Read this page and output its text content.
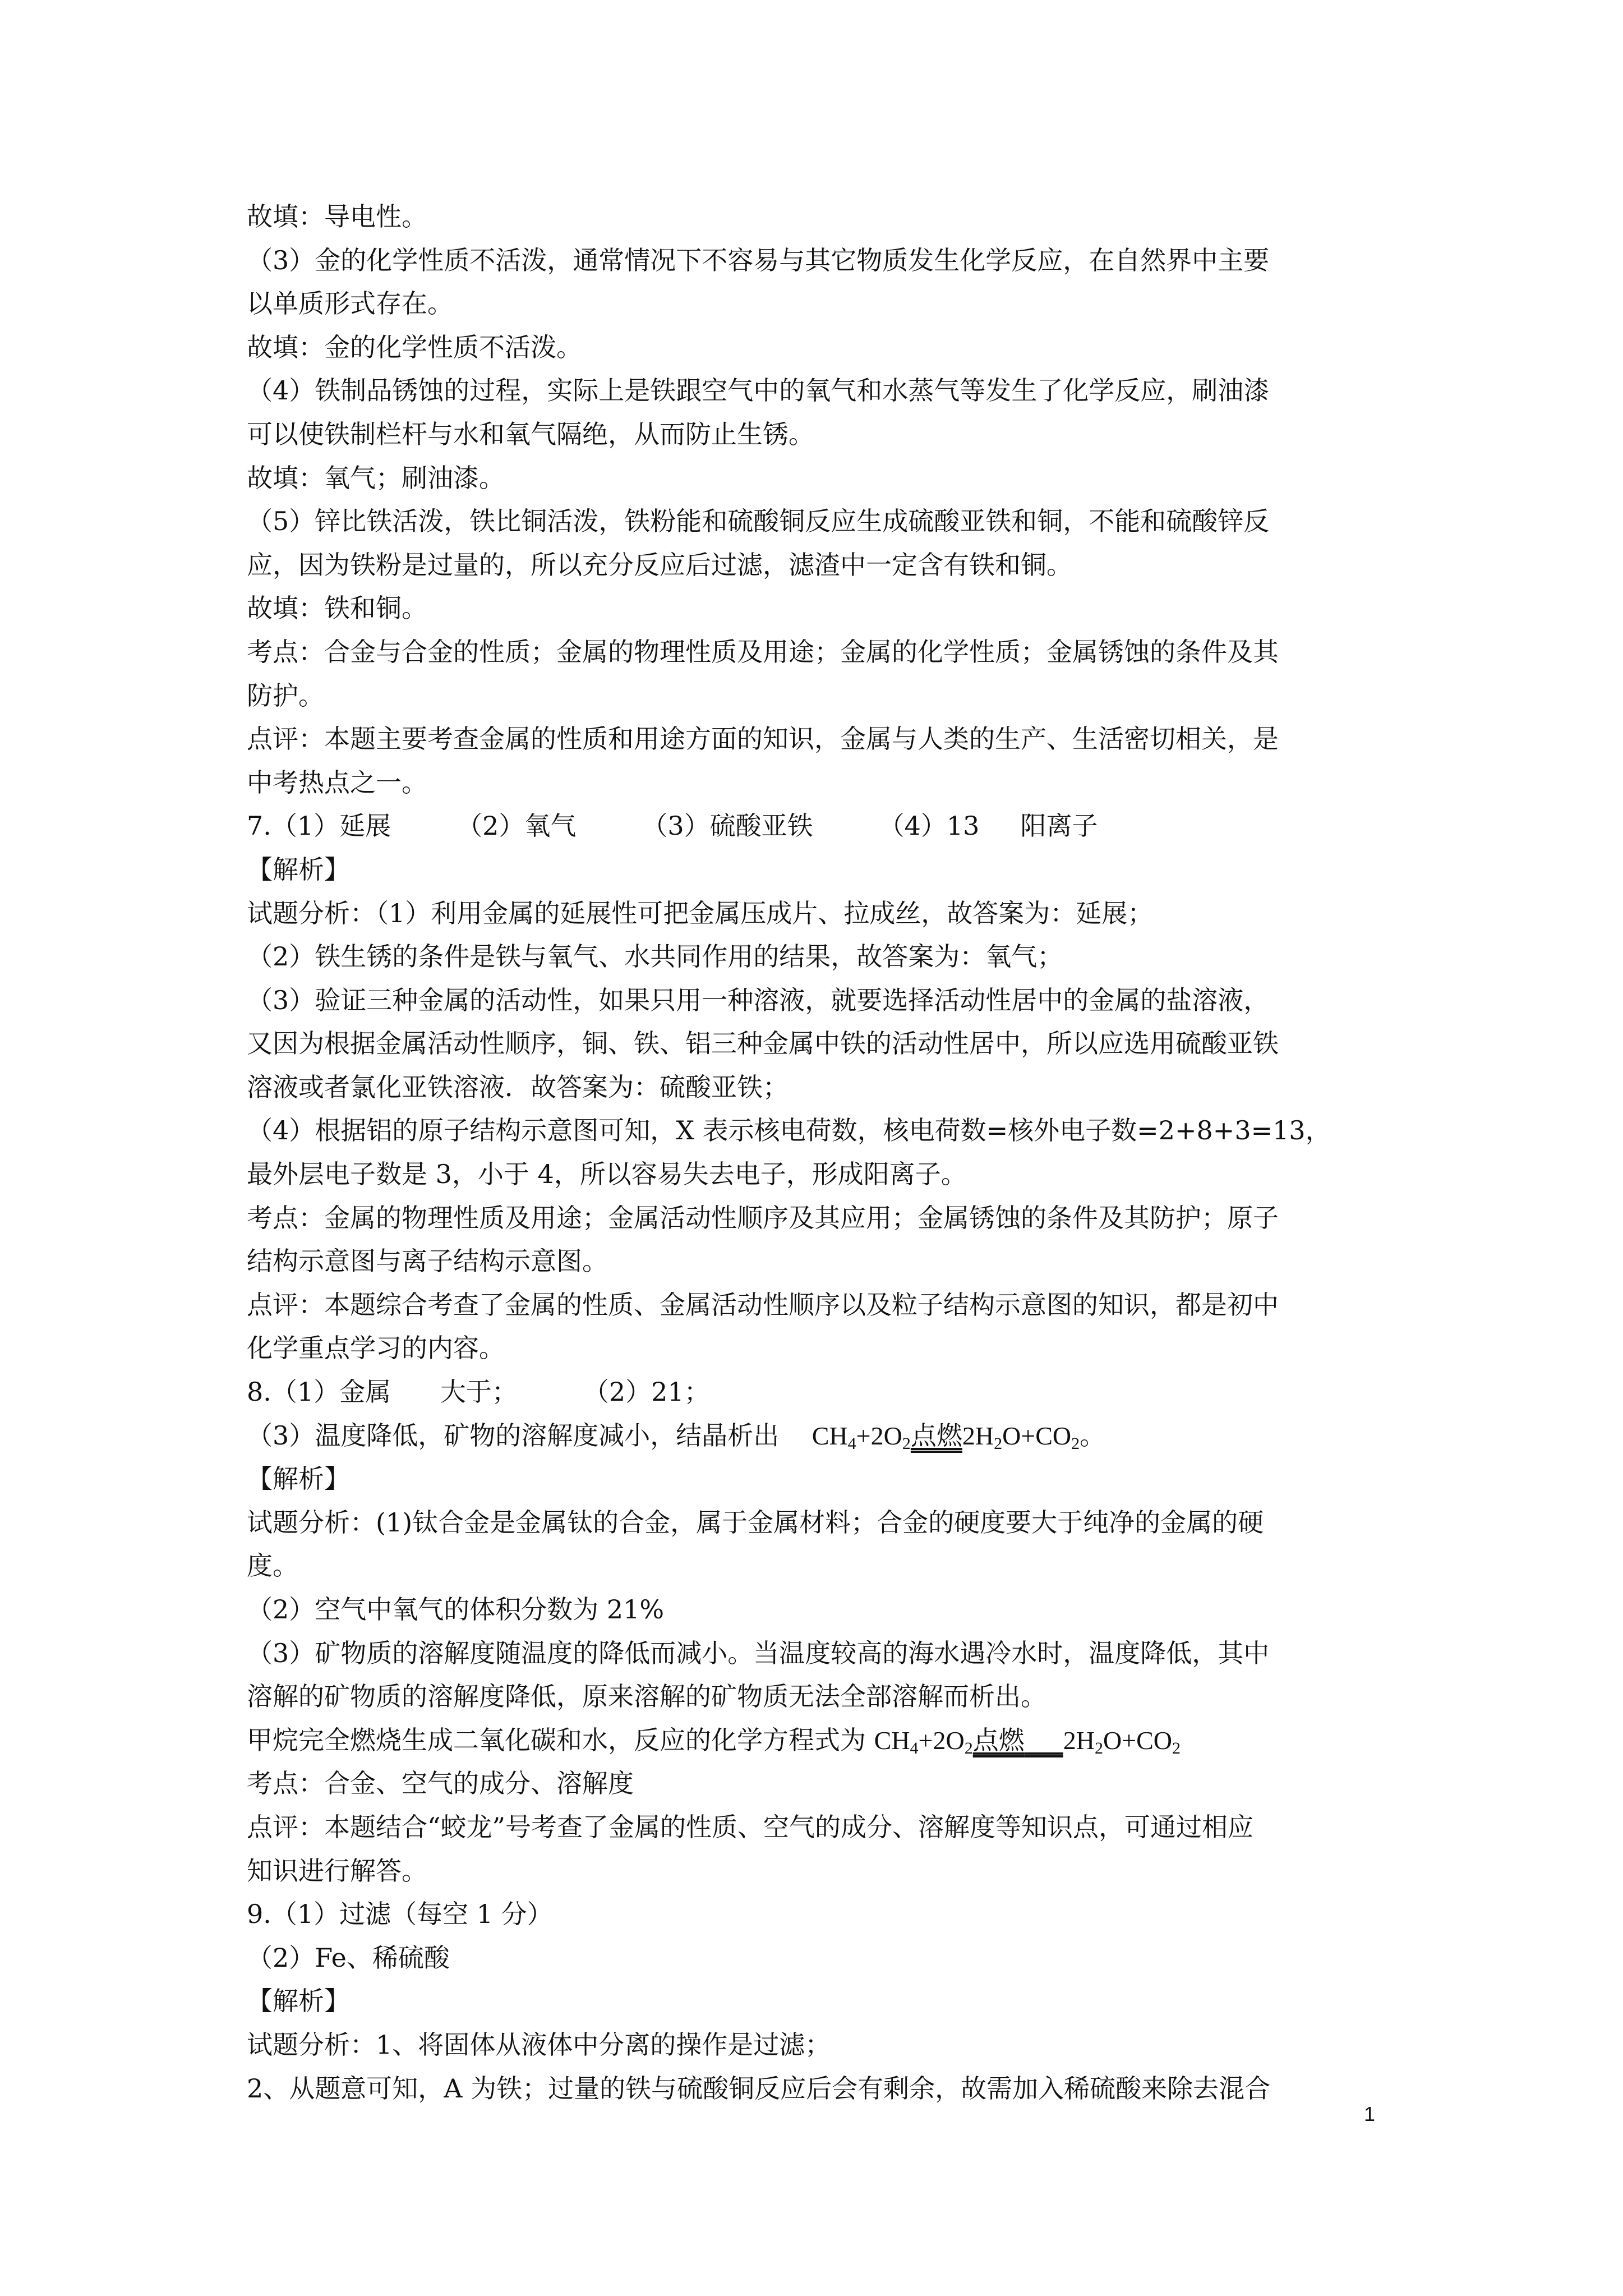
故填：导电性。
（3）金的化学性质不活泼，通常情况下不容易与其它物质发生化学反应，在自然界中主要
以单质形式存在。
故填：金的化学性质不活泼。
（4）铁制品锈蚀的过程，实际上是铁跟空气中的氧气和水蒸气等发生了化学反应，刷油漆
可以使铁制栏杆与水和氧气隔绝，从而防止生锈。
故填：氧气；刷油漆。
（5）锌比铁活泼，铁比铜活泼，铁粉能和硫酸铜反应生成硫酸亚铁和铜，不能和硫酸锌反
应，因为铁粉是过量的，所以充分反应后过滤，滤渣中一定含有铁和铜。
故填：铁和铜。
考点：合金与合金的性质；金属的物理性质及用途；金属的化学性质；金属锈蚀的条件及其
防护。
点评：本题主要考查金属的性质和用途方面的知识，金属与人类的生产、生活密切相关，是
中考热点之一。
7.（1）延展        （2）氧气        （3）硫酸亚铁        （4）13     阳离子
【解析】
试题分析：（1）利用金属的延展性可把金属压成片、拉成丝，故答案为：延展；
（2）铁生锈的条件是铁与氧气、水共同作用的结果，故答案为：氧气；
（3）验证三种金属的活动性，如果只用一种溶液，就要选择活动性居中的金属的盐溶液，
又因为根据金属活动性顺序，铜、铁、铝三种金属中铁的活动性居中，所以应选用硫酸亚铁
溶液或者氯化亚铁溶液．故答案为：硫酸亚铁；
（4）根据铝的原子结构示意图可知，X 表示核电荷数，核电荷数=核外电子数=2+8+3=13，
最外层电子数是 3，小于 4，所以容易失去电子，形成阳离子。
考点：金属的物理性质及用途；金属活动性顺序及其应用；金属锈蚀的条件及其防护；原子
结构示意图与离子结构示意图。
点评：本题综合考查了金属的性质、金属活动性顺序以及粒子结构示意图的知识，都是初中
化学重点学习的内容。
8.（1）金属      大于；        （2）21；
（3）温度降低，矿物的溶解度减小，结晶析出    $CH_4+2O_2$点燃$2H_2O+CO_2$。
【解析】
试题分析：(1)钛合金是金属钛的合金，属于金属材料；合金的硬度要大于纯净的金属的硬
度。
（2）空气中氧气的体积分数为 21%
（3）矿物质的溶解度随温度的降低而减小。当温度较高的海水遇冷水时，温度降低，其中
溶解的矿物质的溶解度降低，原来溶解的矿物质无法全部溶解而析出。
甲烷完全燃烧生成二氧化碳和水，反应的化学方程式为 $CH_4+2O_2$点燃 $2H_2O+CO_2$
考点：合金、空气的成分、溶解度
点评：本题结合“蛟龙”号考查了金属的性质、空气的成分、溶解度等知识点，可通过相应
知识进行解答。
9.（1）过滤（每空 1 分）
（2）Fe、稀硫酸
【解析】
试题分析：1、将固体从液体中分离的操作是过滤；
2、从题意可知，A 为铁；过量的铁与硫酸铜反应后会有剩余，故需加入稀硫酸来除去混合
1
